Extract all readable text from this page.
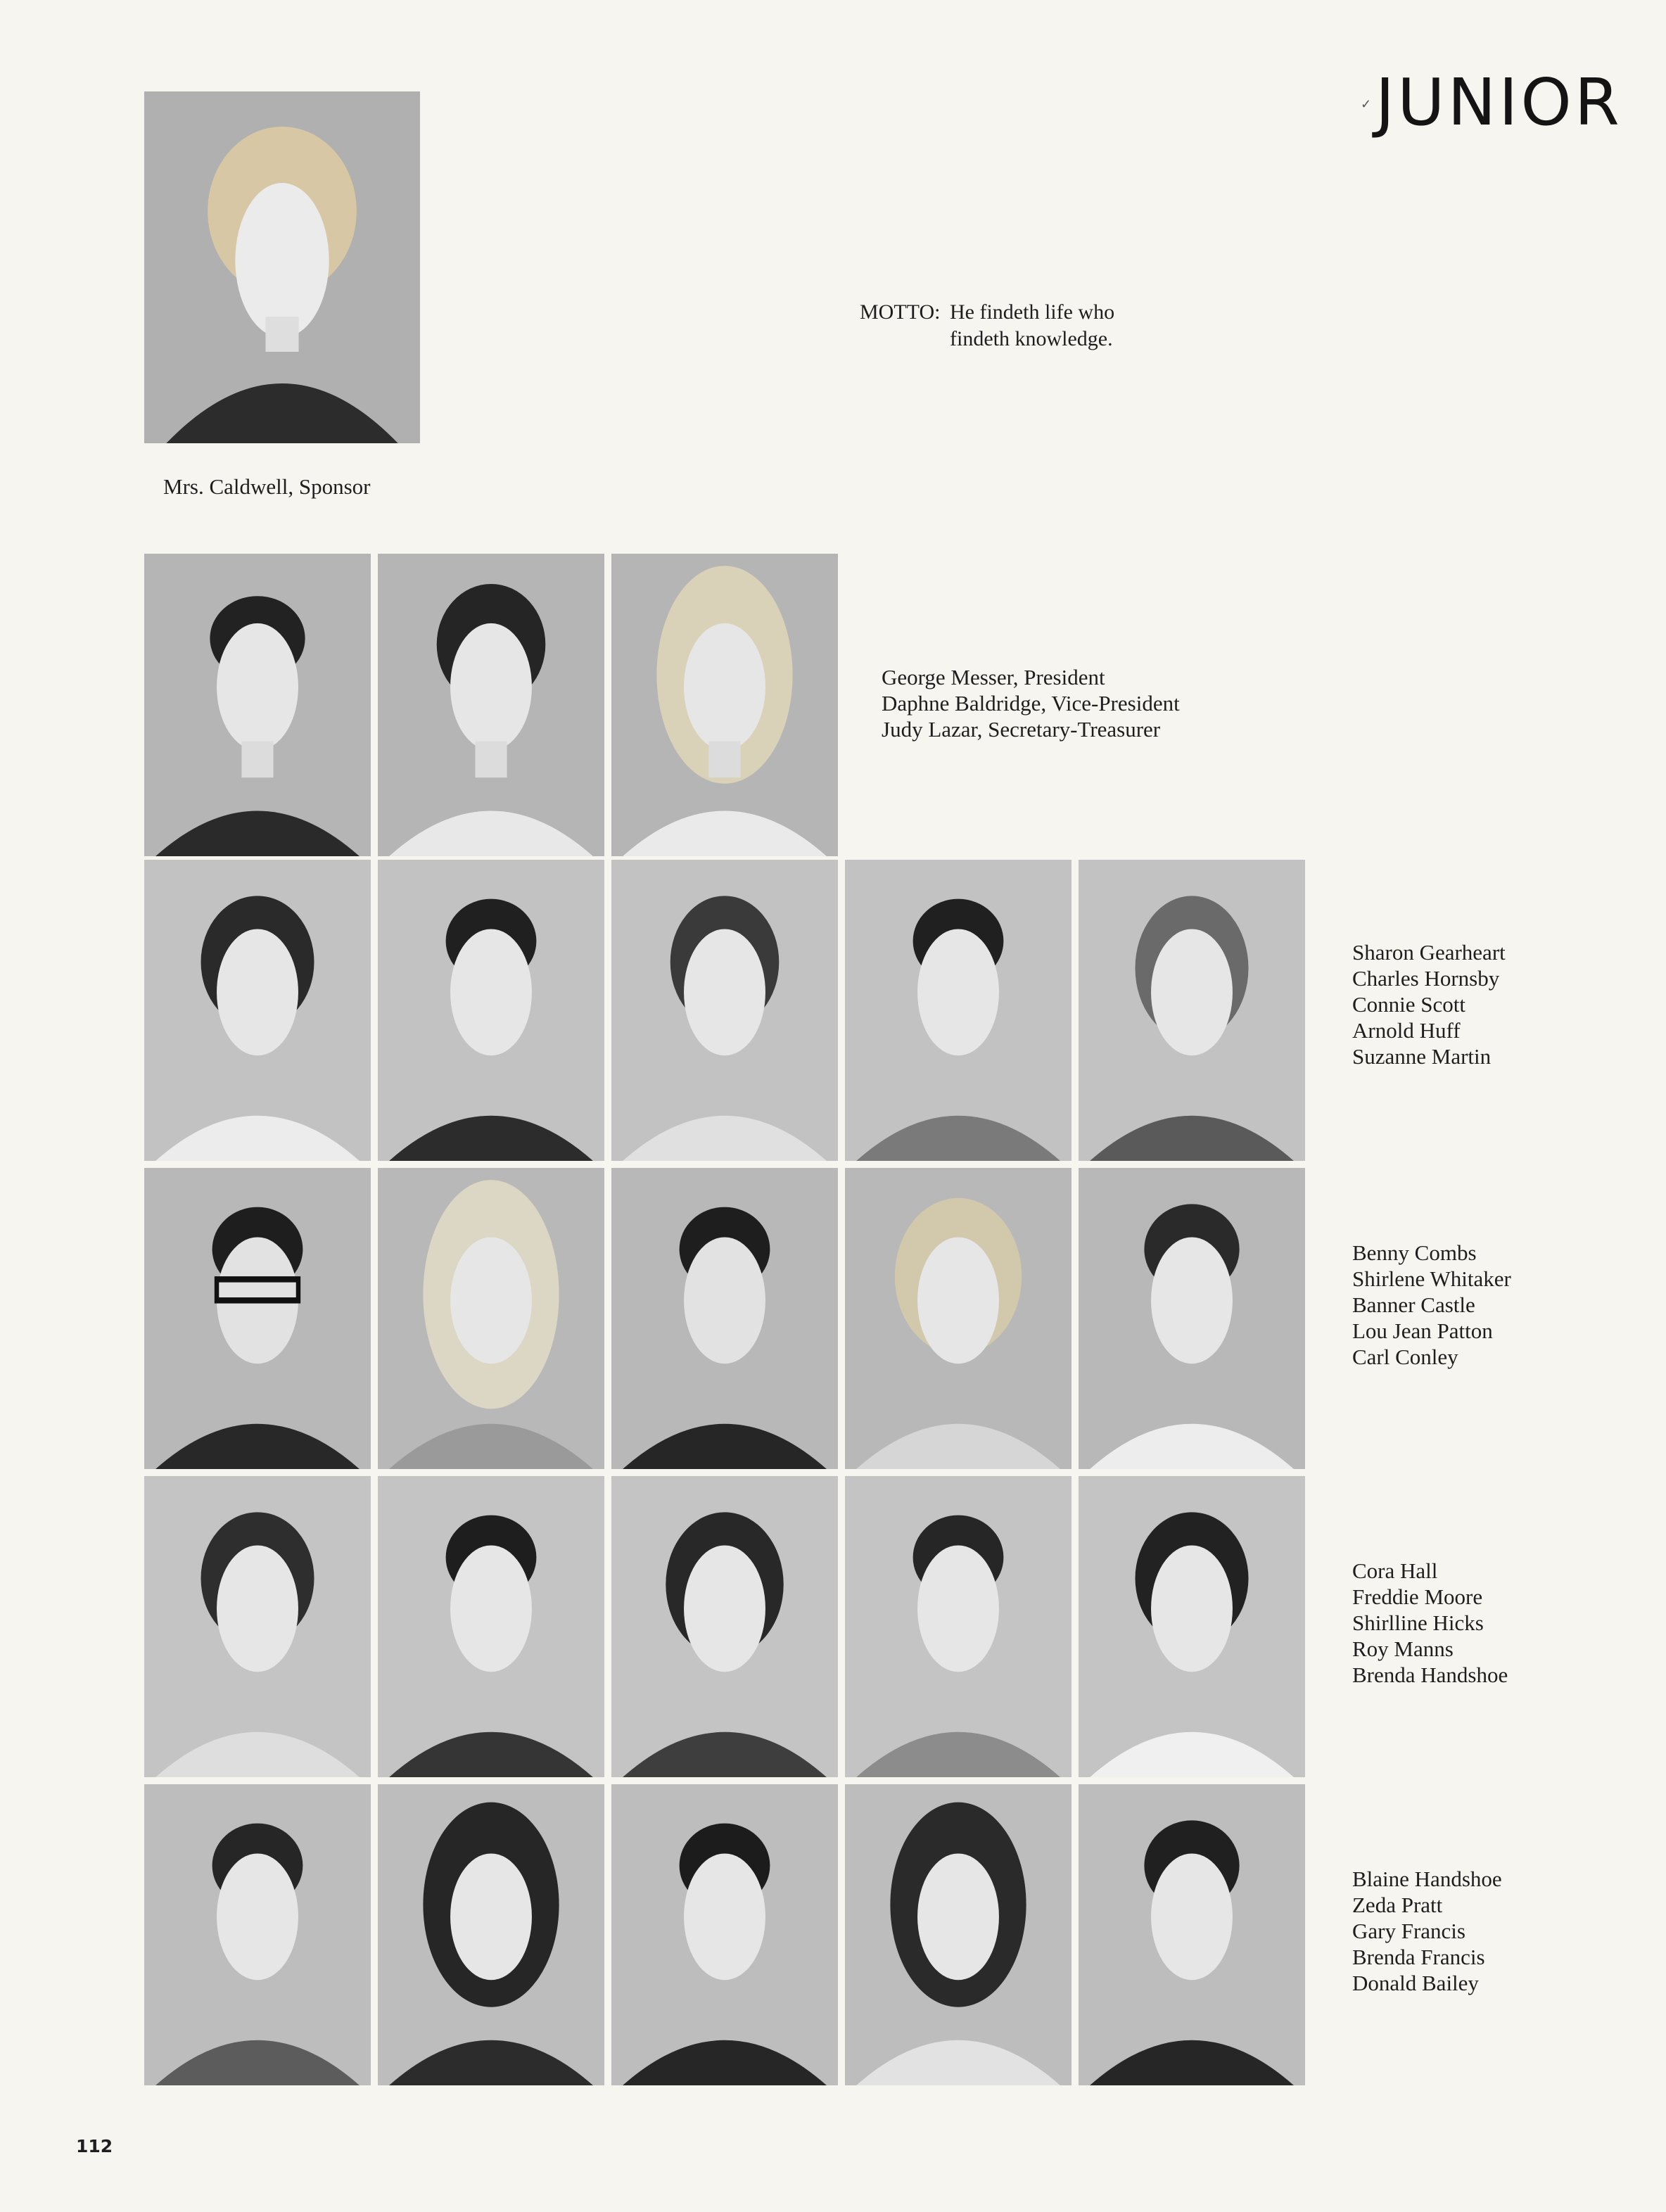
✓ JUNIOR
MOTTO: He findeth life who
findeth knowledge.
Mrs. Caldwell, Sponsor
George Messer, President
Daphne Baldridge, Vice-President
Judy Lazar, Secretary-Treasurer
Sharon Gearheart
Charles Hornsby
Connie Scott
Arnold Huff
Suzanne Martin
Benny Combs
Shirlene Whitaker
Banner Castle
Lou Jean Patton
Carl Conley
Cora Hall
Freddie Moore
Shirlline Hicks
Roy Manns
Brenda Handshoe
Blaine Handshoe
Zeda Pratt
Gary Francis
Brenda Francis
Donald Bailey
112
